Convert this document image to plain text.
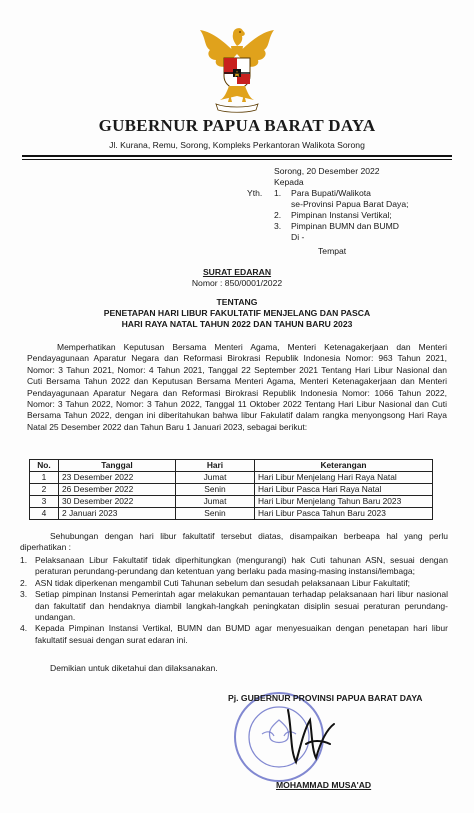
GUBERNUR PAPUA BARAT DAYA
Jl. Kurana, Remu, Sorong, Kompleks Perkantoran Walikota Sorong
Sorong, 20 Desember 2022
Kepada
Yth. 1. Para Bupati/Walikota
se-Provinsi Papua Barat Daya;
2. Pimpinan Instansi Vertikal;
3. Pimpinan BUMN dan BUMD
Di -
Tempat
SURAT EDARAN
Nomor : 850/0001/2022
TENTANG
PENETAPAN HARI LIBUR FAKULTATIF MENJELANG DAN PASCA
HARI RAYA NATAL TAHUN 2022 DAN TAHUN BARU 2023
Memperhatikan Keputusan Bersama Menteri Agama, Menteri Ketenagakerjaan dan Menteri Pendayagunaan Aparatur Negara dan Reformasi Birokrasi Republik Indonesia Nomor: 963 Tahun 2021, Nomor: 3 Tahun 2021, Nomor: 4 Tahun 2021, Tanggal 22 September 2021 Tentang Hari Libur Nasional dan Cuti Bersama Tahun 2022 dan Keputusan Bersama Menteri Agama, Menteri Ketenagakerjaan dan Menteri Pendayagunaan Aparatur Negara dan Reformasi Birokrasi Republik Indonesia Nomor: 1066 Tahun 2022, Nomor: 3 Tahun 2022, Nomor: 3 Tahun 2022, Tanggal 11 Oktober 2022 Tentang Hari Libur Nasional dan Cuti Bersama Tahun 2022, dengan ini diberitahukan bahwa libur Fakulatif dalam rangka menyongsong Hari Raya Natal 25 Desember 2022 dan Tahun Baru 1 Januari 2023, sebagai berikut:
No.	Tanggal	Hari	Keterangan
1	23 Desember 2022	Jumat	Hari Libur Menjelang Hari Raya Natal
2	26 Desember 2022	Senin	Hari Libur Pasca Hari Raya Natal
3	30 Desember 2022	Jumat	Hari Libur Menjelang Tahun Baru 2023
4	2 Januari 2023	Senin	Hari Libur Pasca Tahun Baru 2023
Sehubungan dengan hari libur fakultatif tersebut diatas, disampaikan berbeapa hal yang perlu diperhatikan :
1. Pelaksanaan Libur Fakultatif tidak diperhitungkan (mengurangi) hak Cuti tahunan ASN, sesuai dengan peraturan perundang-perundang dan ketentuan yang berlaku pada masing-masing instansi/lembaga;
2. ASN tidak diperkenan mengambil Cuti Tahunan sebelum dan sesudah pelaksanaan Libur Fakultatif;
3. Setiap pimpinan Instansi Pemerintah agar melakukan pemantauan terhadap pelaksanaan hari libur nasional dan fakultatif dan hendaknya diambil langkah-langkah peningkatan disiplin sesuai peraturan perundang-undangan.
4. Kepada Pimpinan Instansi Vertikal, BUMN dan BUMD agar menyesuaikan dengan penetapan hari libur fakultatif sesuai dengan surat edaran ini.
Demikian untuk diketahui dan dilaksanakan.
Pj. GUBERNUR PROVINSI PAPUA BARAT DAYA
MOHAMMAD MUSA'AD
